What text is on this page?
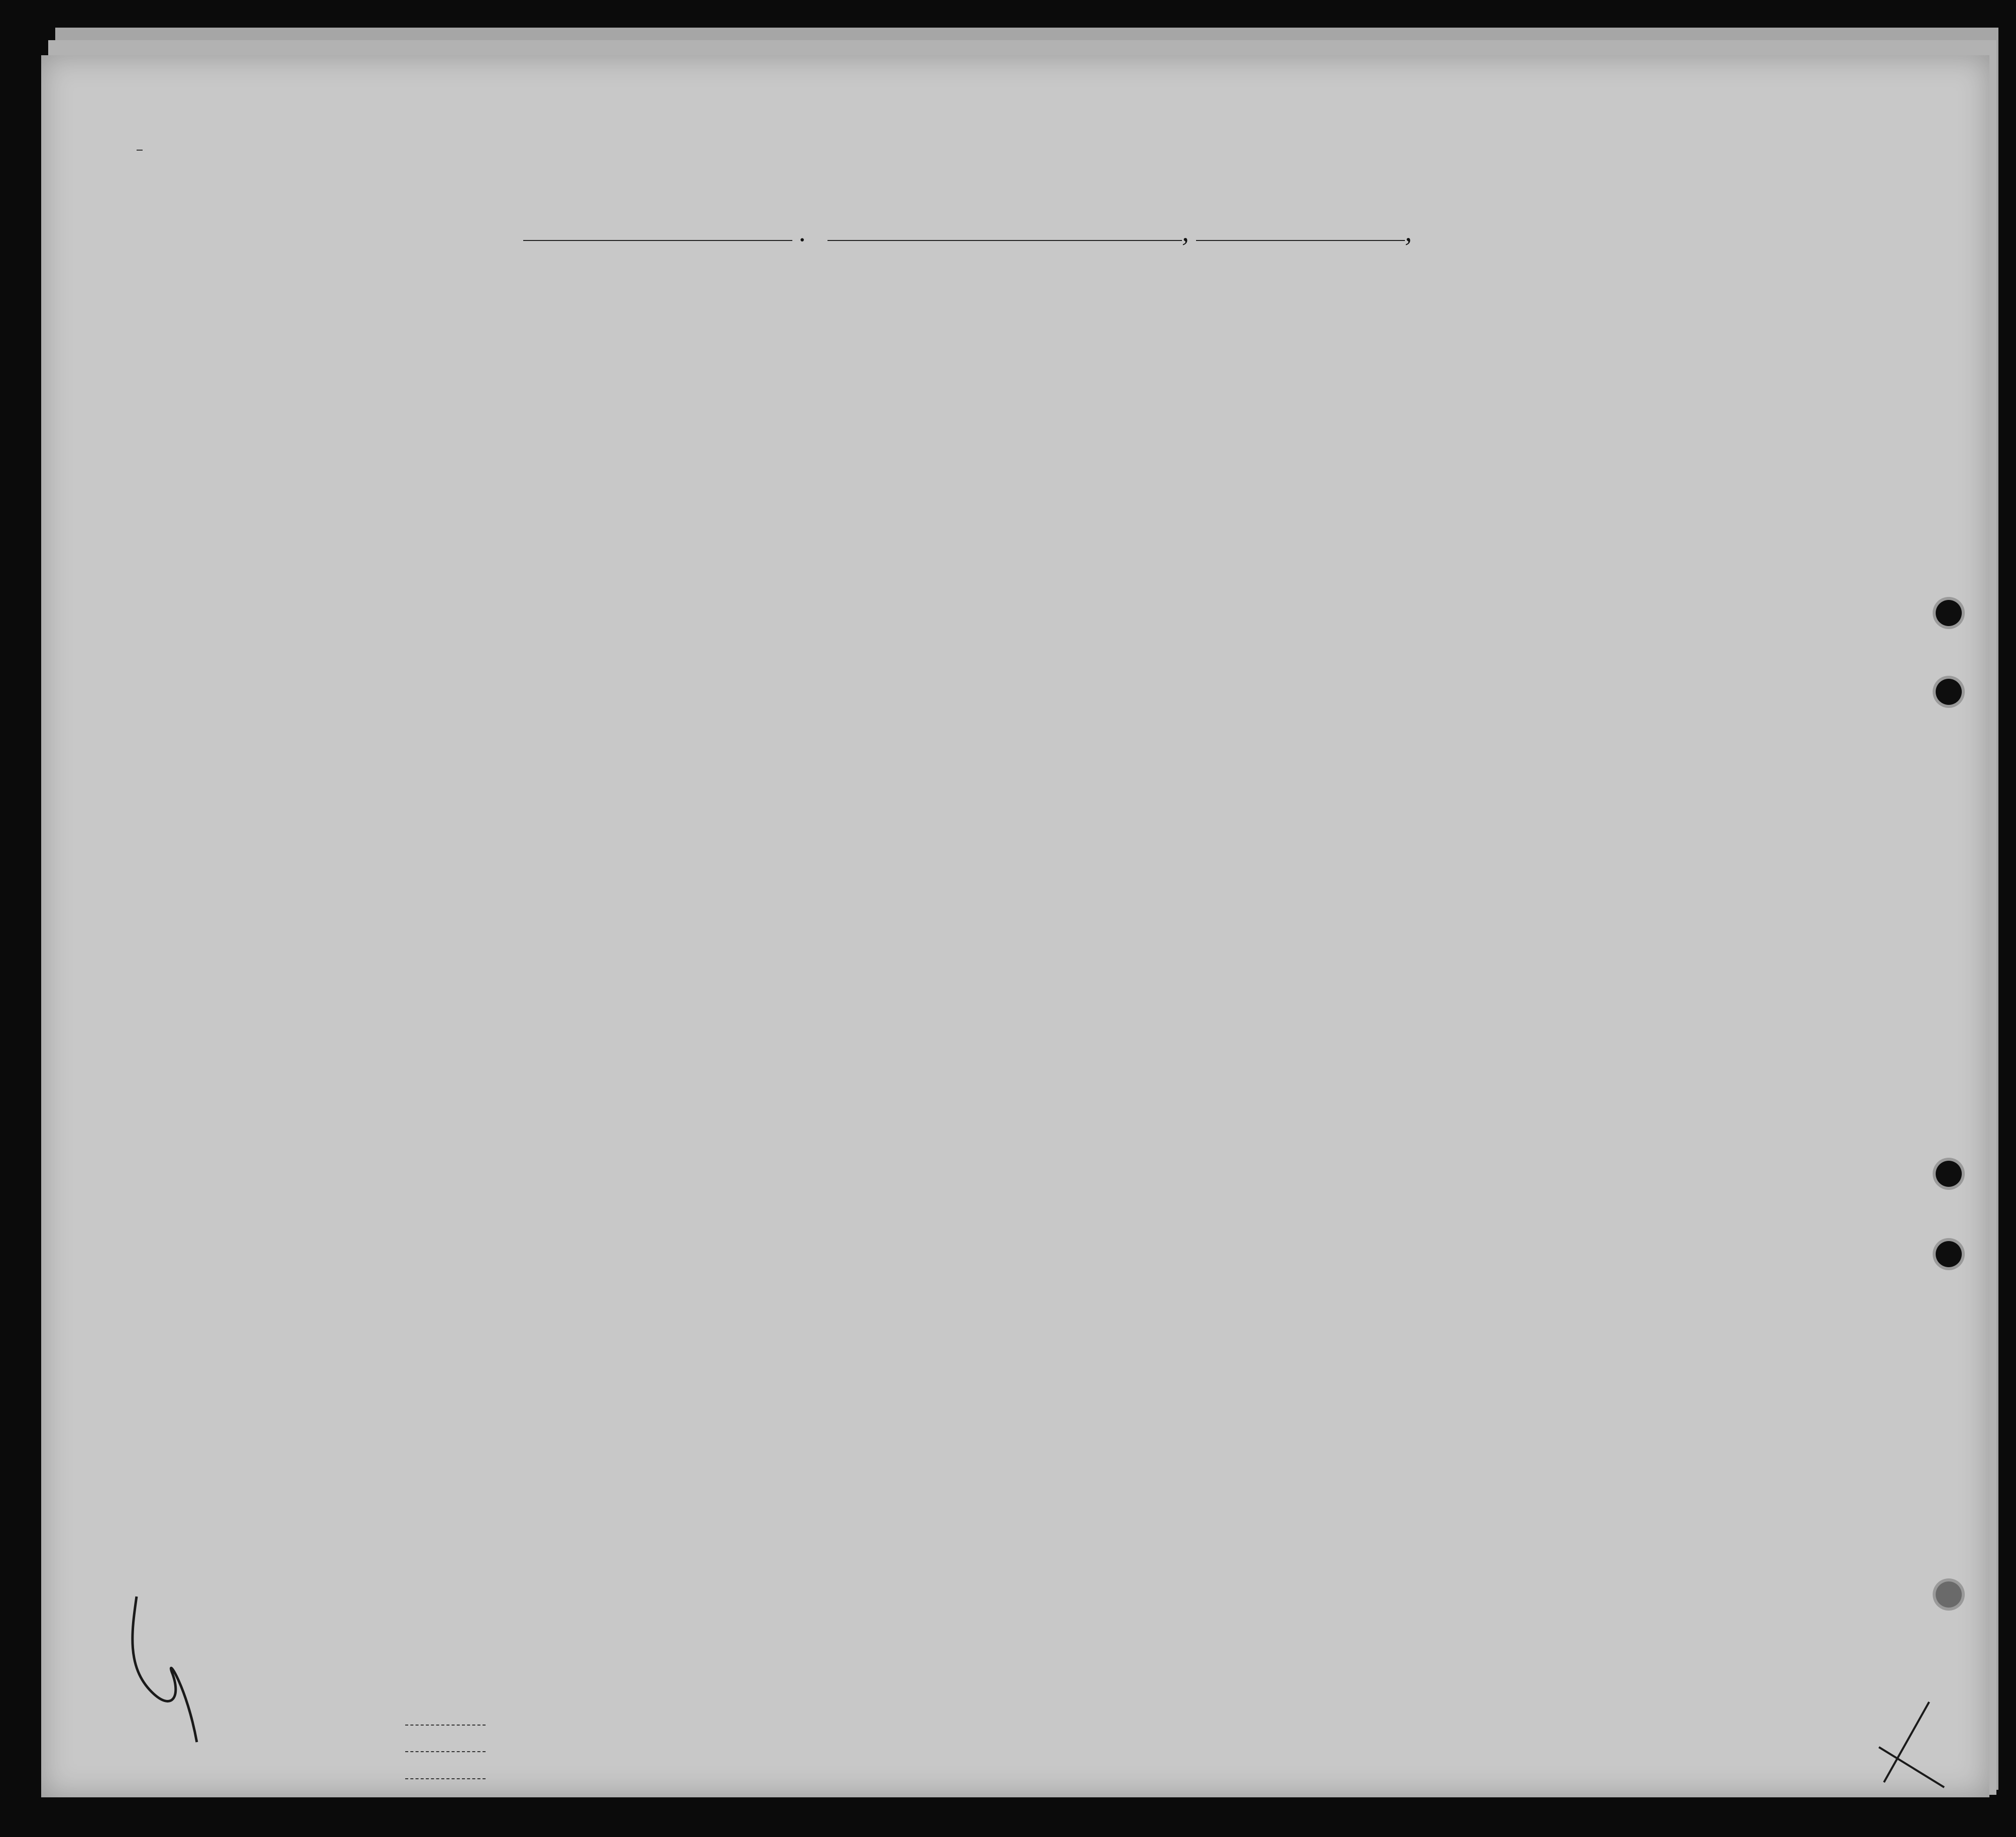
.	,	,
